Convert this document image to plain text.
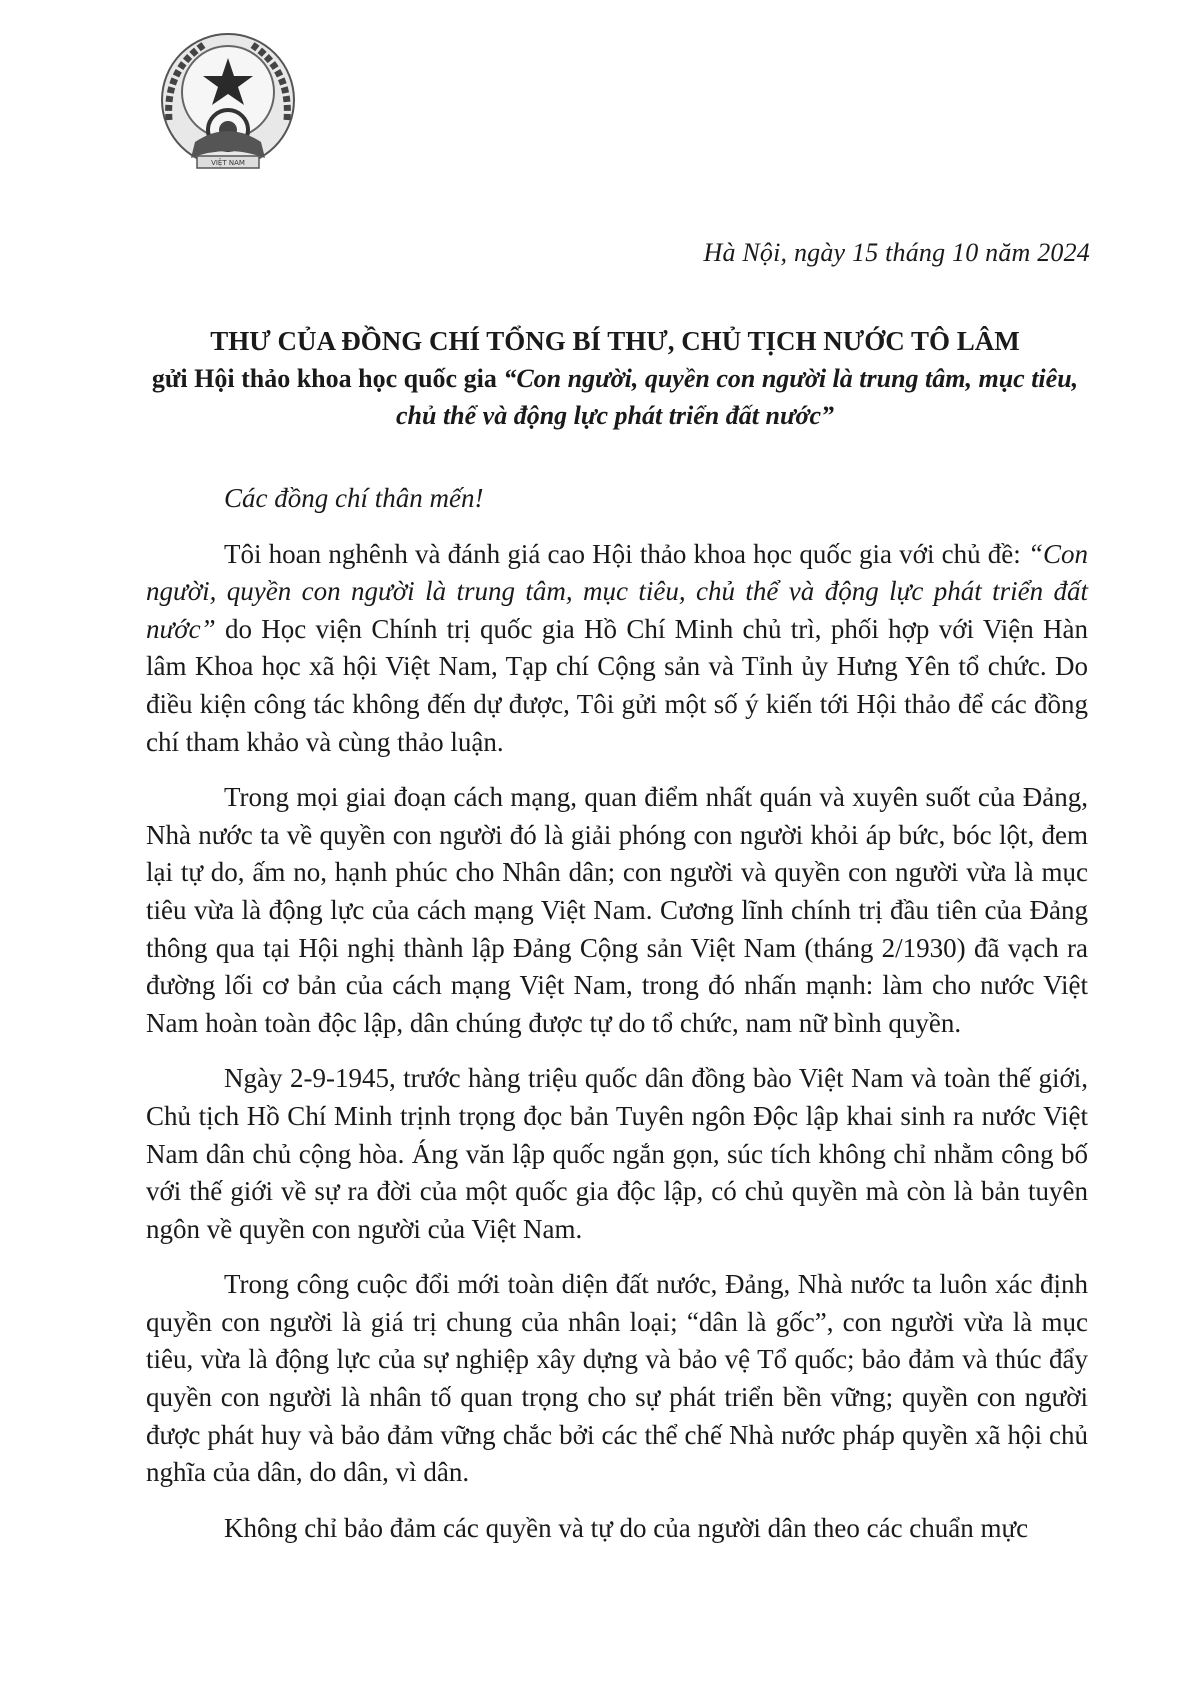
VIỆT NAM
Hà Nội, ngày 15 tháng 10 năm 2024
THƯ CỦA ĐỒNG CHÍ TỔNG BÍ THƯ, CHỦ TỊCH NƯỚC TÔ LÂM
gửi Hội thảo khoa học quốc gia “Con người, quyền con người là trung tâm, mục tiêu, chủ thể và động lực phát triển đất nước”
Các đồng chí thân mến!

Tôi hoan nghênh và đánh giá cao Hội thảo khoa học quốc gia với chủ đề: “Con người, quyền con người là trung tâm, mục tiêu, chủ thể và động lực phát triển đất nước” do Học viện Chính trị quốc gia Hồ Chí Minh chủ trì, phối hợp với Viện Hàn lâm Khoa học xã hội Việt Nam, Tạp chí Cộng sản và Tỉnh ủy Hưng Yên tổ chức. Do điều kiện công tác không đến dự được, Tôi gửi một số ý kiến tới Hội thảo để các đồng chí tham khảo và cùng thảo luận.

Trong mọi giai đoạn cách mạng, quan điểm nhất quán và xuyên suốt của Đảng, Nhà nước ta về quyền con người đó là giải phóng con người khỏi áp bức, bóc lột, đem lại tự do, ấm no, hạnh phúc cho Nhân dân; con người và quyền con người vừa là mục tiêu vừa là động lực của cách mạng Việt Nam. Cương lĩnh chính trị đầu tiên của Đảng thông qua tại Hội nghị thành lập Đảng Cộng sản Việt Nam (tháng 2/1930) đã vạch ra đường lối cơ bản của cách mạng Việt Nam, trong đó nhấn mạnh: làm cho nước Việt Nam hoàn toàn độc lập, dân chúng được tự do tổ chức, nam nữ bình quyền.

Ngày 2-9-1945, trước hàng triệu quốc dân đồng bào Việt Nam và toàn thế giới, Chủ tịch Hồ Chí Minh trịnh trọng đọc bản Tuyên ngôn Độc lập khai sinh ra nước Việt Nam dân chủ cộng hòa. Áng văn lập quốc ngắn gọn, súc tích không chỉ nhằm công bố với thế giới về sự ra đời của một quốc gia độc lập, có chủ quyền mà còn là bản tuyên ngôn về quyền con người của Việt Nam.

Trong công cuộc đổi mới toàn diện đất nước, Đảng, Nhà nước ta luôn xác định quyền con người là giá trị chung của nhân loại; “dân là gốc”, con người vừa là mục tiêu, vừa là động lực của sự nghiệp xây dựng và bảo vệ Tổ quốc; bảo đảm và thúc đẩy quyền con người là nhân tố quan trọng cho sự phát triển bền vững; quyền con người được phát huy và bảo đảm vững chắc bởi các thể chế Nhà nước pháp quyền xã hội chủ nghĩa của dân, do dân, vì dân.

Không chỉ bảo đảm các quyền và tự do của người dân theo các chuẩn mực
